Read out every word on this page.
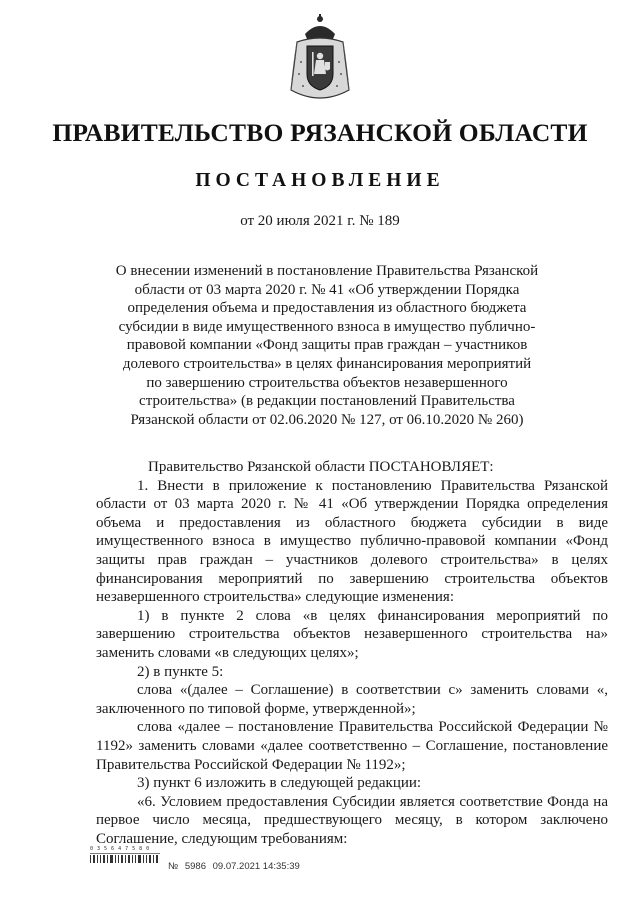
ПРАВИТЕЛЬСТВО РЯЗАНСКОЙ ОБЛАСТИ
ПОСТАНОВЛЕНИЕ
от 20 июля 2021 г. № 189
О внесении изменений в постановление Правительства Рязанской
области от 03 марта 2020 г. № 41 «Об утверждении Порядка
определения объема и предоставления из областного бюджета
субсидии в виде имущественного взноса в имущество публично-
правовой компании «Фонд защиты прав граждан – участников
долевого строительства» в целях финансирования мероприятий
по завершению строительства объектов незавершенного
строительства» (в редакции постановлений Правительства
Рязанской области от 02.06.2020 № 127, от 06.10.2020 № 260)

Правительство Рязанской области ПОСТАНОВЛЯЕТ:

1. Внести в приложение к постановлению Правительства Рязанской области от 03 марта 2020 г. № 41 «Об утверждении Порядка определения объема и предоставления из областного бюджета субсидии в виде имущественного взноса в имущество публично-правовой компании «Фонд защиты прав граждан – участников долевого строительства» в целях финансирования мероприятий по завершению строительства объектов незавершенного строительства» следующие изменения:

1) в пункте 2 слова «в целях финансирования мероприятий по завершению строительства объектов незавершенного строительства на» заменить словами «в следующих целях»;

2) в пункте 5:

слова «(далее – Соглашение) в соответствии с» заменить словами «, заключенного по типовой форме, утвержденной»;

слова «далее – постановление Правительства Российской Федерации № 1192» заменить словами «далее соответственно – Соглашение, постановление Правительства Российской Федерации № 1192»;

3) пункт 6 изложить в следующей редакции:

«6. Условием предоставления Субсидии является соответствие Фонда на первое число месяца, предшествующего месяцу, в котором заключено Соглашение, следующим требованиям:

0 3 5 6 4 7 5 8 0
№ 5986 09.07.2021 14:35:39
